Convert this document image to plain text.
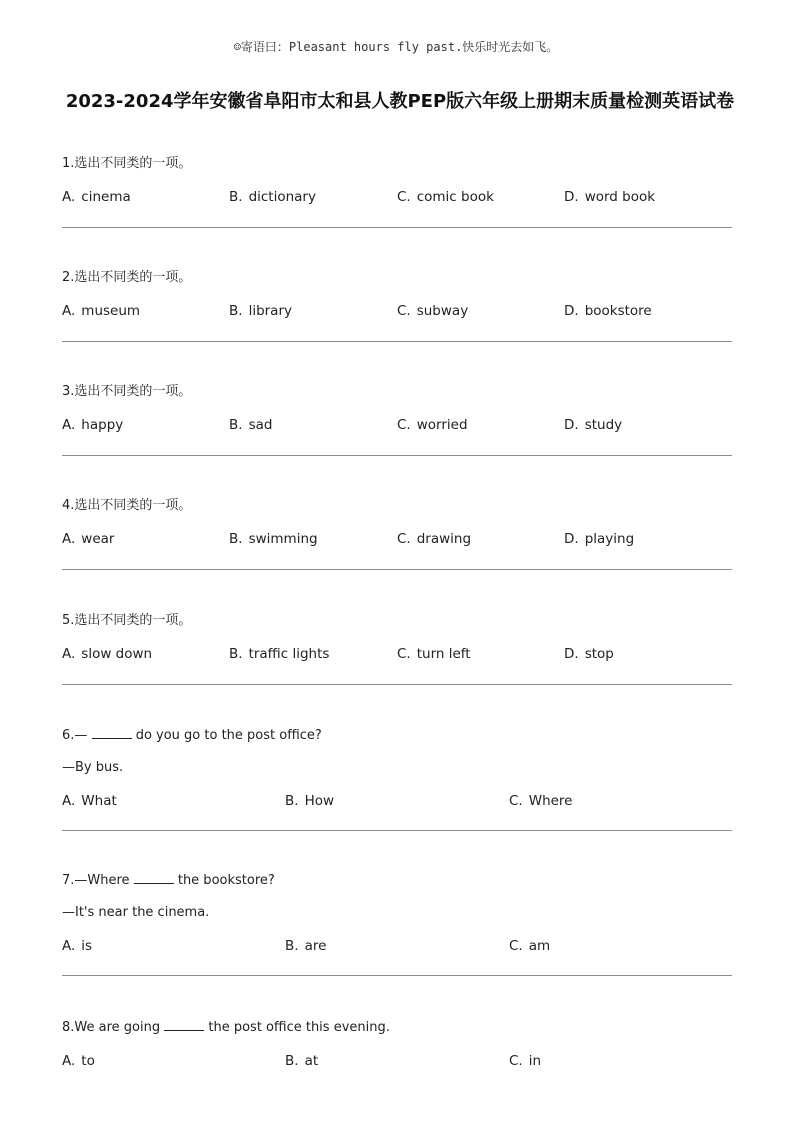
☺寄语曰：Pleasant hours fly past.快乐时光去如飞。
2023-2024学年安徽省阜阳市太和县人教PEP版六年级上册期末质量检测英语试卷
1.选出不同类的一项。
A. cinema	B. dictionary	C. comic book	D. word book
2.选出不同类的一项。
A. museum	B. library	C. subway	D. bookstore
3.选出不同类的一项。
A. happy	B. sad	C. worried	D. study
4.选出不同类的一项。
A. wear	B. swimming	C. drawing	D. playing
5.选出不同类的一项。
A. slow down	B. traffic lights	C. turn left	D. stop
6.—	do you go to the post office?
—By bus.
A. What	B. How	C. Where
7.—Where	the bookstore?
—It's near the cinema.
A. is	B. are	C. am
8.We are going	the post office this evening.
A. to	B. at	C. in
